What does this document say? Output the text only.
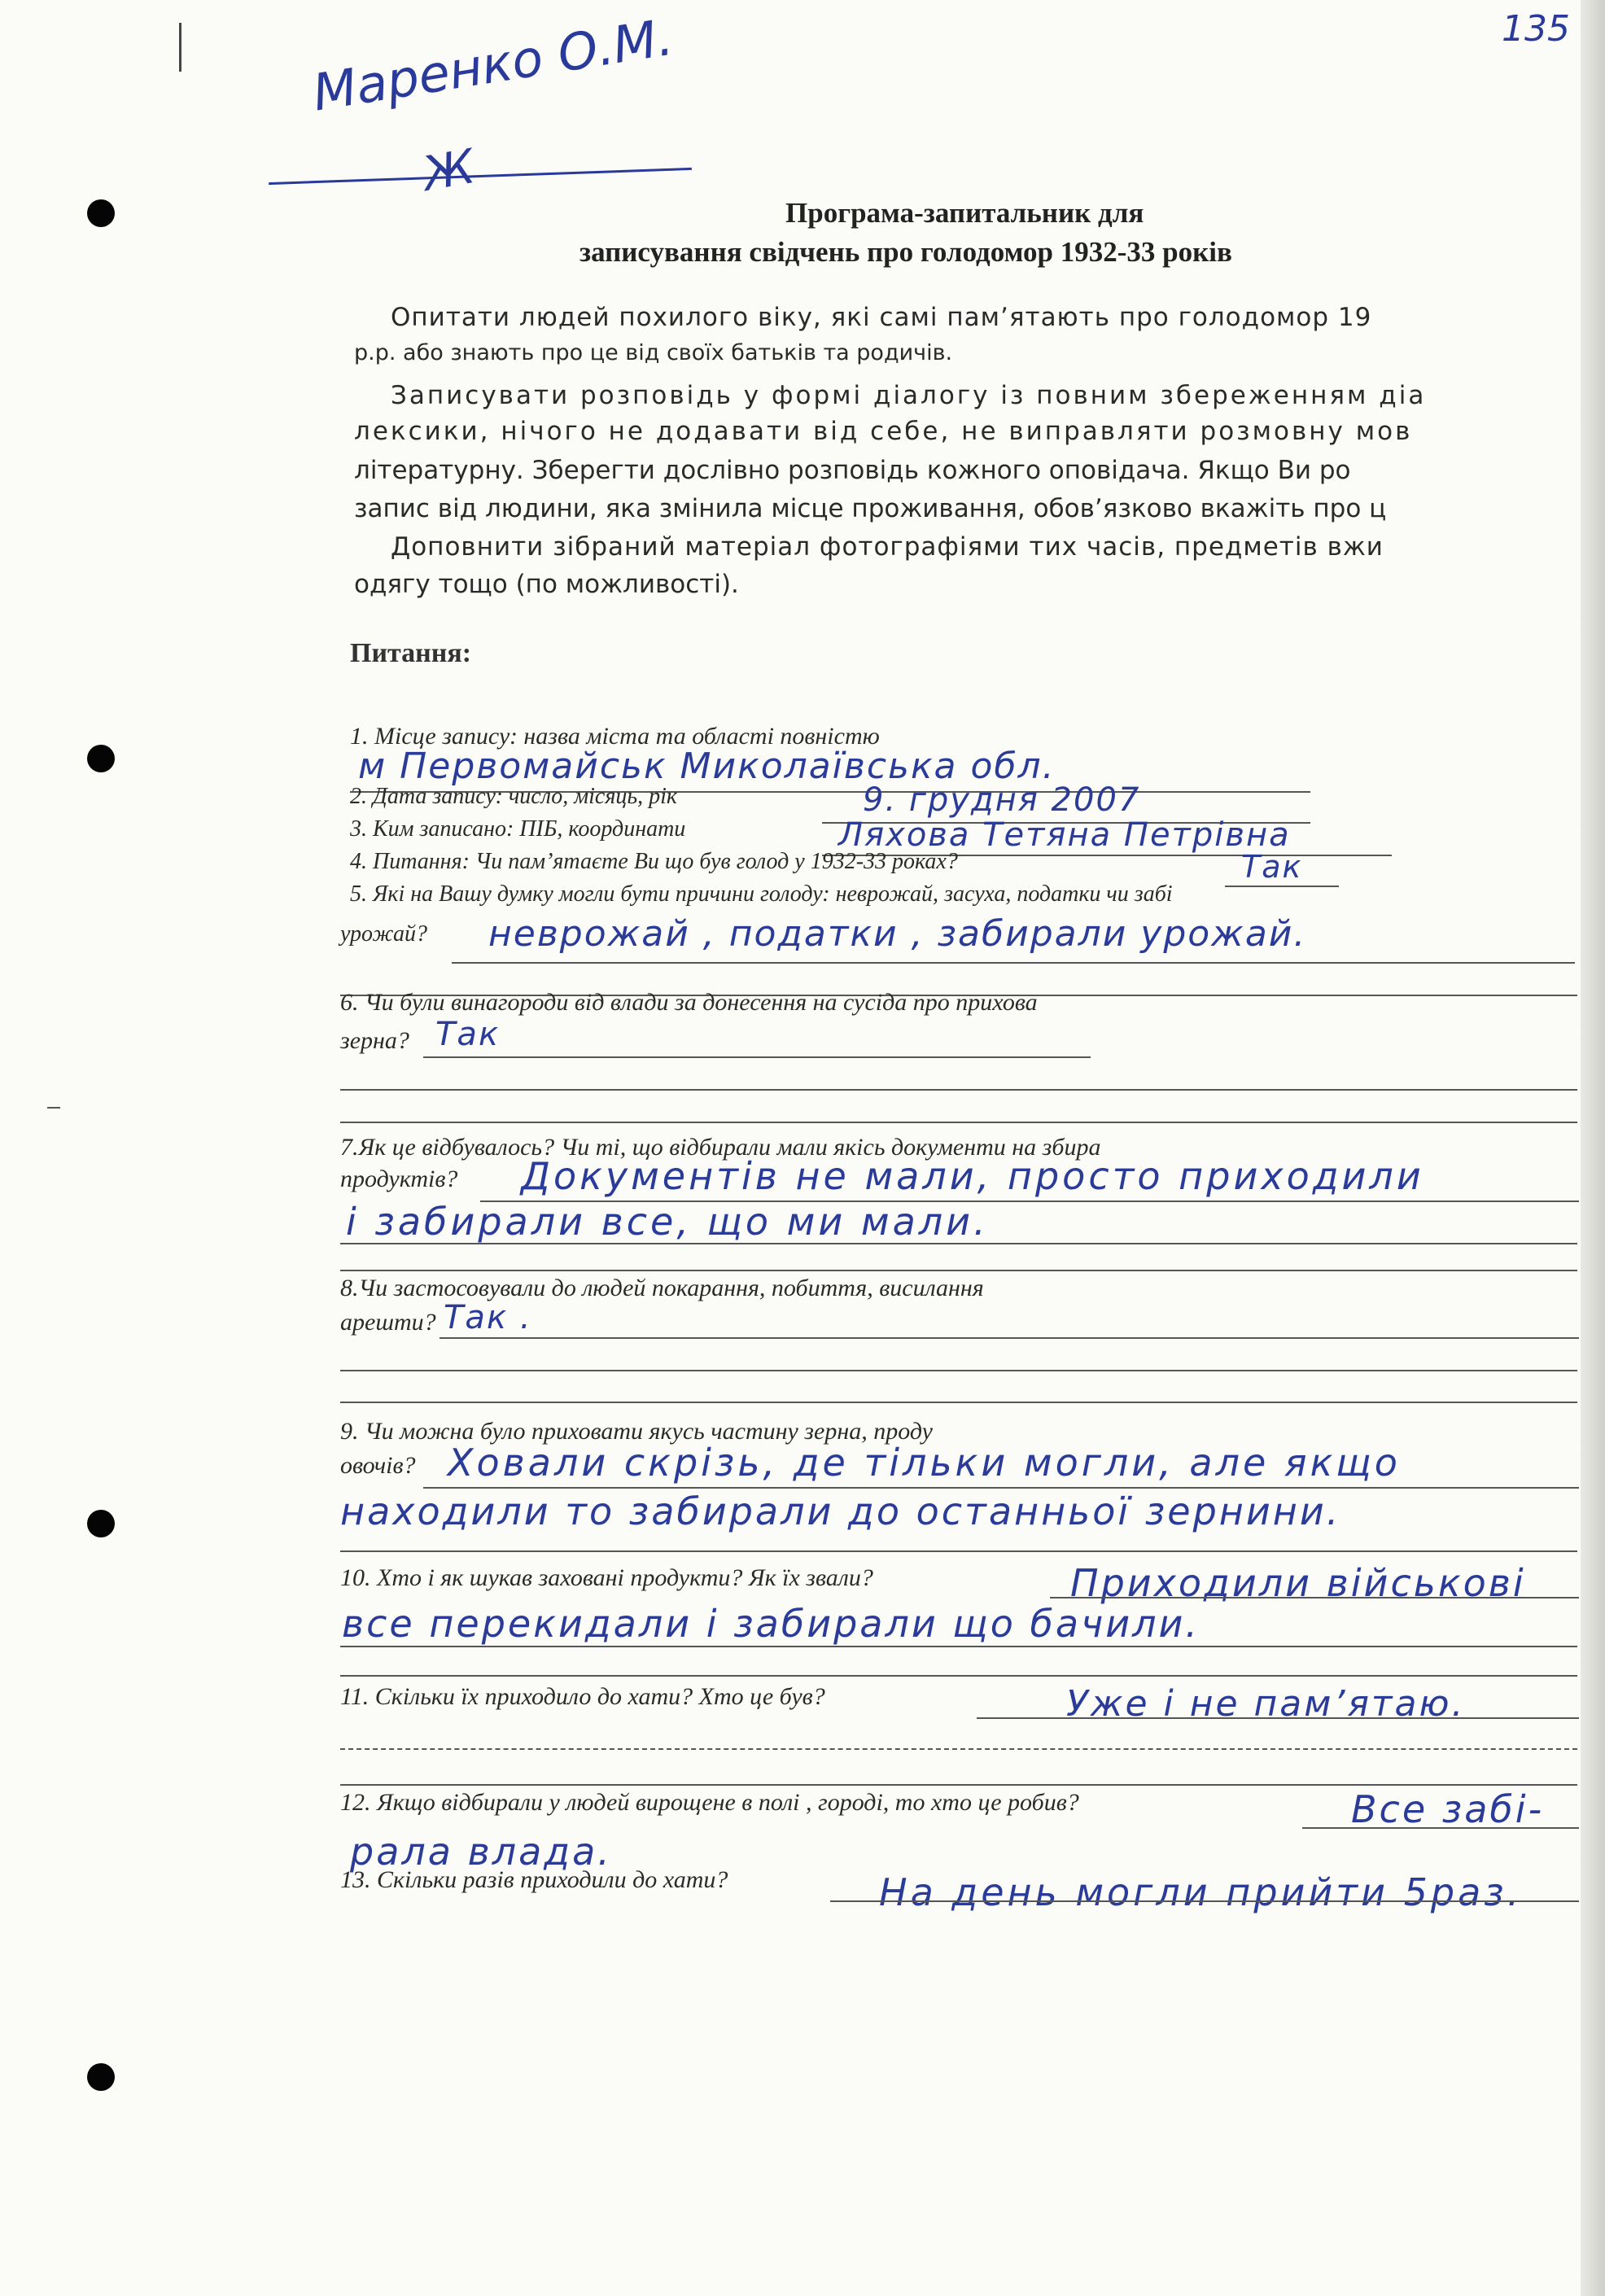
135
Маренко О.М.
Ж
Програма-запитальник для
записування свідчень про голодомор 1932-33 років
Опитати людей похилого віку, які самі пам’ятають про голодомор 19
р.р. або знають про це від своїх батьків та родичів.
Записувати розповідь у формі діалогу із повним збереженням діа
лексики, нічого не додавати від себе, не виправляти розмовну мов
літературну. Зберегти дослівно розповідь кожного оповідача. Якщо Ви ро
запис від людини, яка змінила місце проживання, обов’язково вкажіть про ц
Доповнити зібраний матеріал фотографіями тих часів, предметів вжи
одягу тощо (по можливості).
Питання:
1. Місце запису: назва міста та області повністю
м Первомайськ Миколаївська обл.
2. Дата запису: число, місяць, рік	9. грудня 2007
3. Ким записано: ПІБ, координати	Ляхова Тетяна Петрівна
4. Питання: Чи пам’ятаєте Ви що був голод у 1932-33 роках?	Так
5. Які на Вашу думку могли бути причини голоду: неврожай, засуха, податки чи забі
урожай? неврожай , податки , забирали урожай.
6. Чи були винагороди від влади за донесення на сусіда про прихова
зерна? Так
7.Як це відбувалось? Чи ті, що відбирали мали якісь документи на збира
продуктів? Документів не мали, просто приходили
і забирали все, що ми мали.
8.Чи застосовували до людей покарання, побиття, висилання
арешти? Так .
9. Чи можна було приховати якусь частину зерна, проду
овочів? Ховали скрізь, де тільки могли, але якщо
находили то забирали до останньої зернини.
10. Хто і як шукав заховані продукти? Як їх звали?	Приходили військові
все перекидали і забирали що бачили.
11. Скільки їх приходило до хати? Хто це був?	Уже і не пам’ятаю.
12. Якщо відбирали у людей вирощене в полі , городі, то хто це робив?	Все забі-
рала влада.
13. Скільки разів приходили до хати?	На день могли прийти 5раз.
